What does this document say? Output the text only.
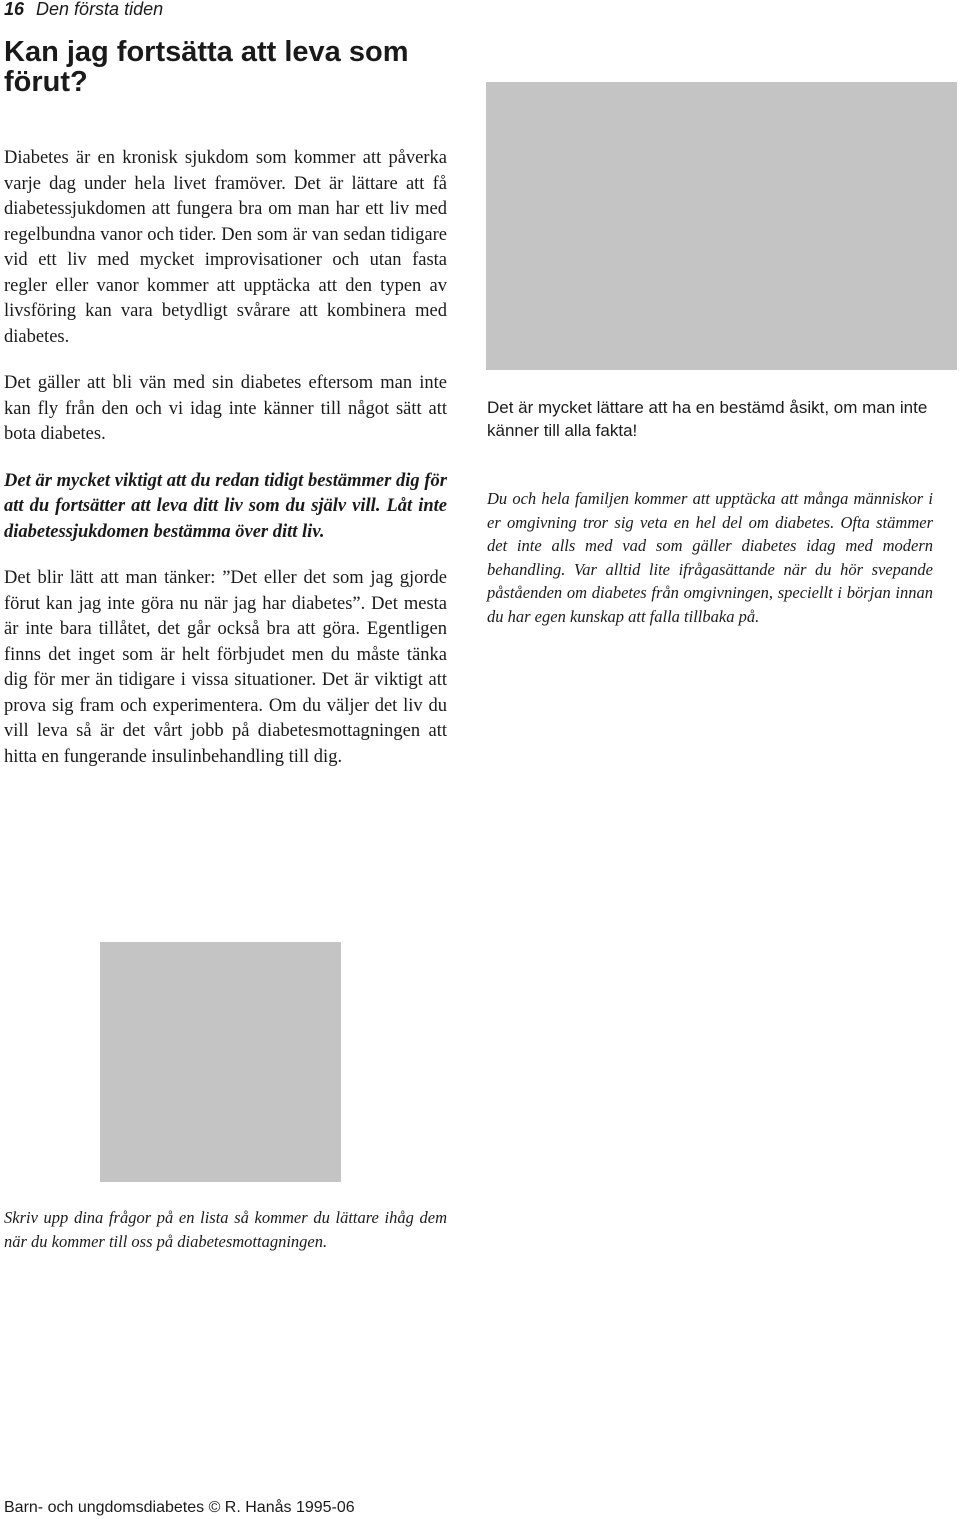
16 Den första tiden
Kan jag fortsätta att leva som förut?

Diabetes är en kronisk sjukdom som kommer att påverka varje dag under hela livet framöver. Det är lättare att få diabetessjukdomen att fungera bra om man har ett liv med regelbundna vanor och tider. Den som är van sedan tidigare vid ett liv med mycket improvisationer och utan fasta regler eller vanor kommer att upptäcka att den typen av livsföring kan vara betydligt svårare att kombinera med diabetes.

Det gäller att bli vän med sin diabetes eftersom man inte kan fly från den och vi idag inte känner till något sätt att bota diabetes.

Det är mycket viktigt att du redan tidigt bestämmer dig för att du fortsätter att leva ditt liv som du själv vill. Låt inte diabetessjukdomen bestämma över ditt liv.

Det blir lätt att man tänker: ”Det eller det som jag gjorde förut kan jag inte göra nu när jag har diabetes”. Det mesta är inte bara tillåtet, det går också bra att göra. Egentligen finns det inget som är helt förbjudet men du måste tänka dig för mer än tidigare i vissa situationer. Det är viktigt att prova sig fram och experimentera. Om du väljer det liv du vill leva så är det vårt jobb på diabetesmottagningen att hitta en fungerande insulinbehandling till dig.

Det är mycket lättare att ha en bestämd åsikt, om man inte känner till alla fakta!
Du och hela familjen kommer att upptäcka att många människor i er omgivning tror sig veta en hel del om diabetes. Ofta stämmer det inte alls med vad som gäller diabetes idag med modern behandling. Var alltid lite ifrågasättande när du hör svepande påståenden om diabetes från omgivningen, speciellt i början innan du har egen kunskap att falla tillbaka på.
Skriv upp dina frågor på en lista så kommer du lättare ihåg dem när du kommer till oss på diabetesmottagningen.
Barn- och ungdomsdiabetes © R. Hanås 1995-06
